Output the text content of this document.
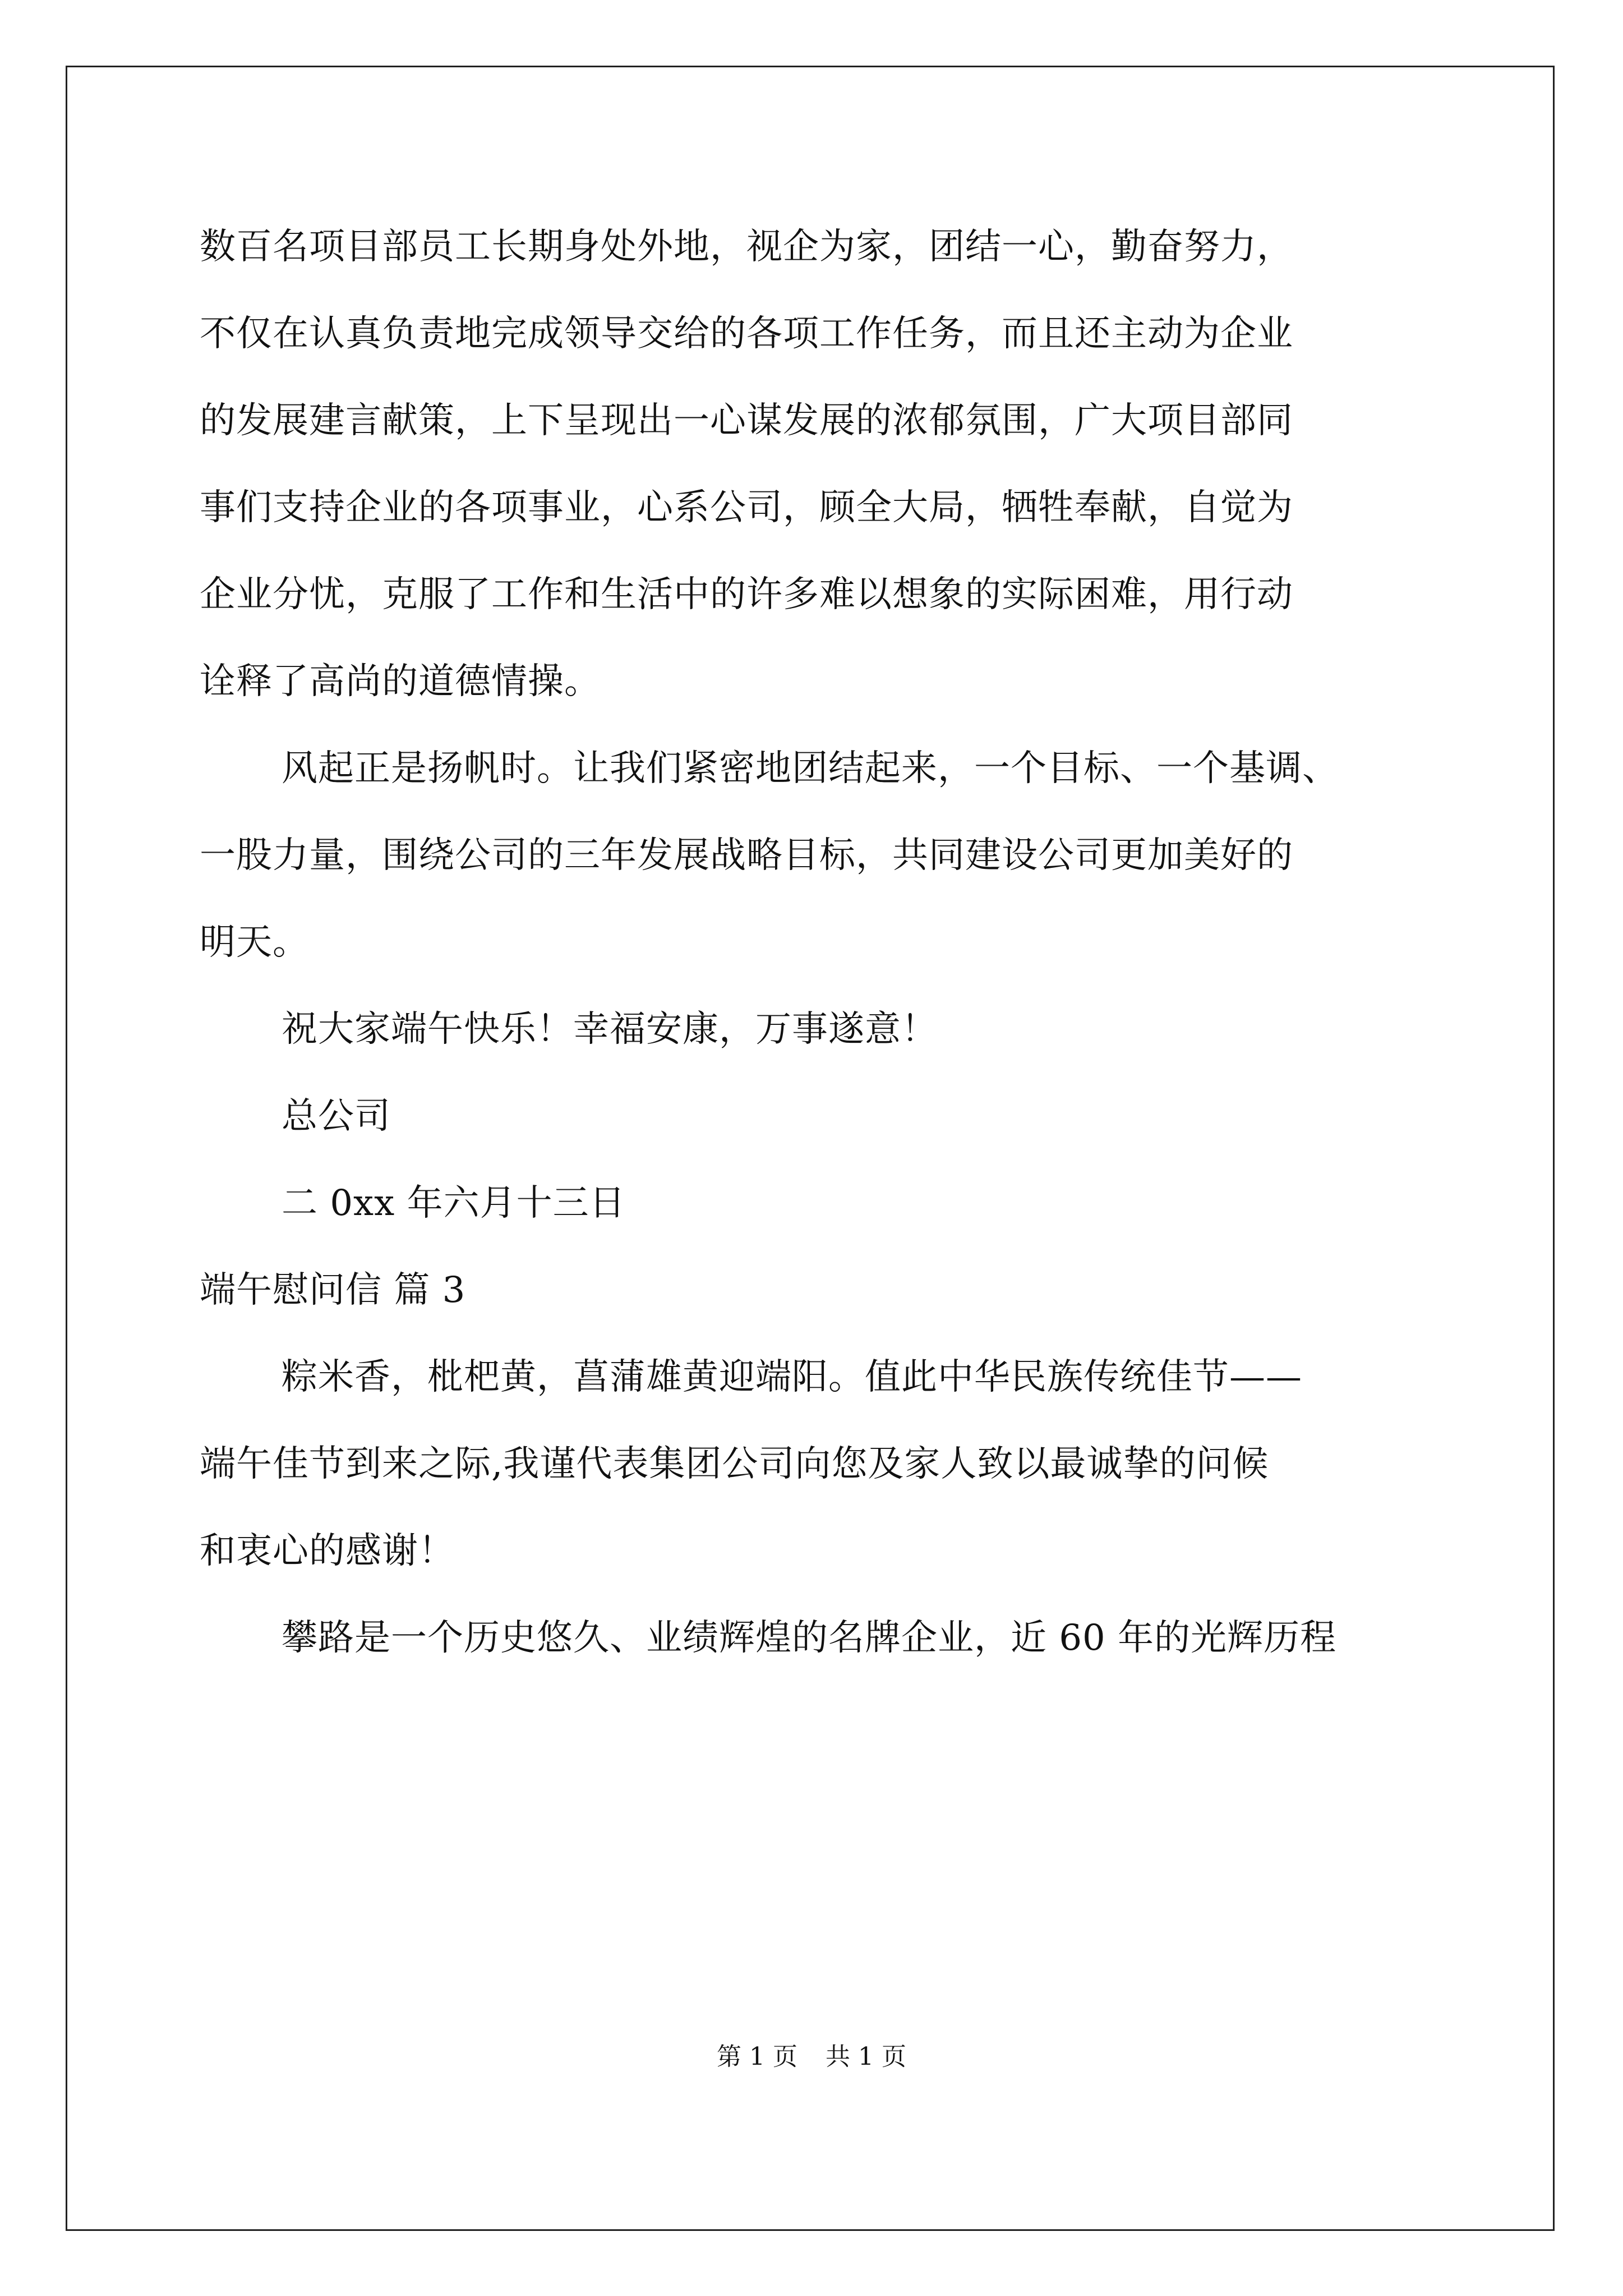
数百名项目部员工长期身处外地，视企为家，团结一心，勤奋努力，
不仅在认真负责地完成领导交给的各项工作任务，而且还主动为企业
的发展建言献策，上下呈现出一心谋发展的浓郁氛围，广大项目部同
事们支持企业的各项事业，心系公司，顾全大局，牺牲奉献，自觉为
企业分忧，克服了工作和生活中的许多难以想象的实际困难，用行动
诠释了高尚的道德情操。
风起正是扬帆时。让我们紧密地团结起来，一个目标、一个基调、
一股力量，围绕公司的三年发展战略目标，共同建设公司更加美好的
明天。
祝大家端午快乐！幸福安康，万事遂意！
总公司
二 0xx 年六月十三日
端午慰问信 篇 3
粽米香，枇杷黄，菖蒲雄黄迎端阳。值此中华民族传统佳节——
端午佳节到来之际,我谨代表集团公司向您及家人致以最诚挚的问候
和衷心的感谢！
攀路是一个历史悠久、业绩辉煌的名牌企业，近 60 年的光辉历程
第 1 页 共 1 页
